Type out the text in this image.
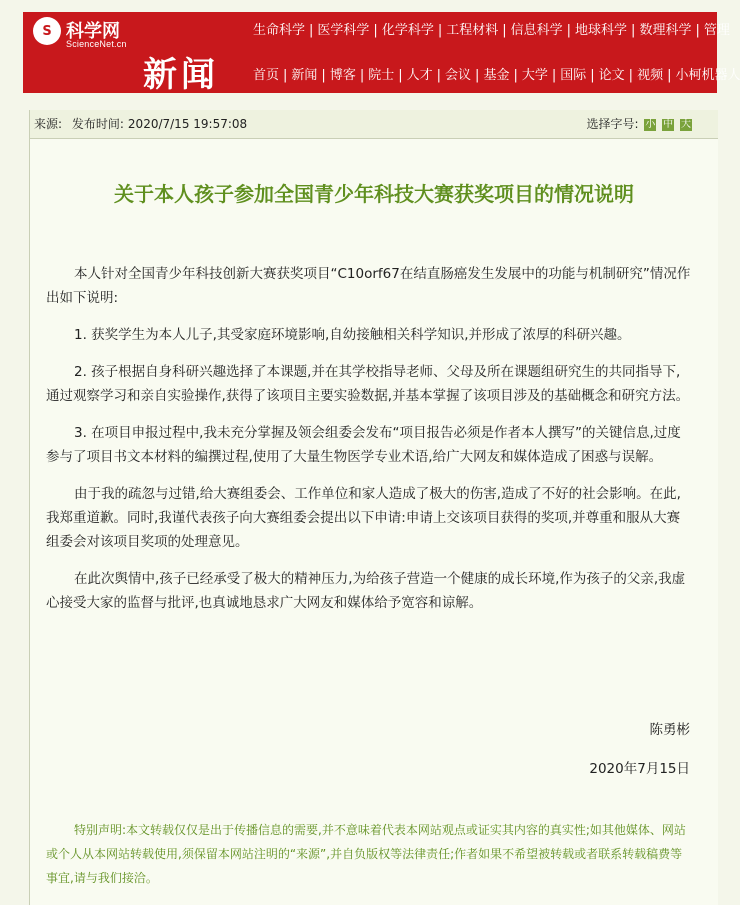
S 科学网
ScienceNet.cn
新闻
生命科学 | 医学科学 | 化学科学 | 工程材料 | 信息科学 | 地球科学 | 数理科学 | 管理
首页 | 新闻 | 博客 | 院士 | 人才 | 会议 | 基金 | 大学 | 国际 | 论文 | 视频 | 小柯机器人
来源: 发布时间: 2020/7/15 19:57:08	选择字号: 小 中 大
关于本人孩子参加全国青少年科技大赛获奖项目的情况说明

本人针对全国青少年科技创新大赛获奖项目“C10orf67在结直肠癌发生发展中的功能与机制研究”情况作出如下说明:

1. 获奖学生为本人儿子,其受家庭环境影响,自幼接触相关科学知识,并形成了浓厚的科研兴趣。

2. 孩子根据自身科研兴趣选择了本课题,并在其学校指导老师、父母及所在课题组研究生的共同指导下,通过观察学习和亲自实验操作,获得了该项目主要实验数据,并基本掌握了该项目涉及的基础概念和研究方法。

3. 在项目申报过程中,我未充分掌握及领会组委会发布“项目报告必须是作者本人撰写”的关键信息,过度参与了项目书文本材料的编撰过程,使用了大量生物医学专业术语,给广大网友和媒体造成了困惑与误解。

由于我的疏忽与过错,给大赛组委会、工作单位和家人造成了极大的伤害,造成了不好的社会影响。在此,我郑重道歉。同时,我谨代表孩子向大赛组委会提出以下申请:申请上交该项目获得的奖项,并尊重和服从大赛组委会对该项目奖项的处理意见。

在此次舆情中,孩子已经承受了极大的精神压力,为给孩子营造一个健康的成长环境,作为孩子的父亲,我虚心接受大家的监督与批评,也真诚地恳求广大网友和媒体给予宽容和谅解。

陈勇彬
2020年7月15日
特别声明:本文转载仅仅是出于传播信息的需要,并不意味着代表本网站观点或证实其内容的真实性;如其他媒体、网站或个人从本网站转载使用,须保留本网站注明的“来源”,并自负版权等法律责任;作者如果不希望被转载或者联系转载稿费等事宜,请与我们接洽。
